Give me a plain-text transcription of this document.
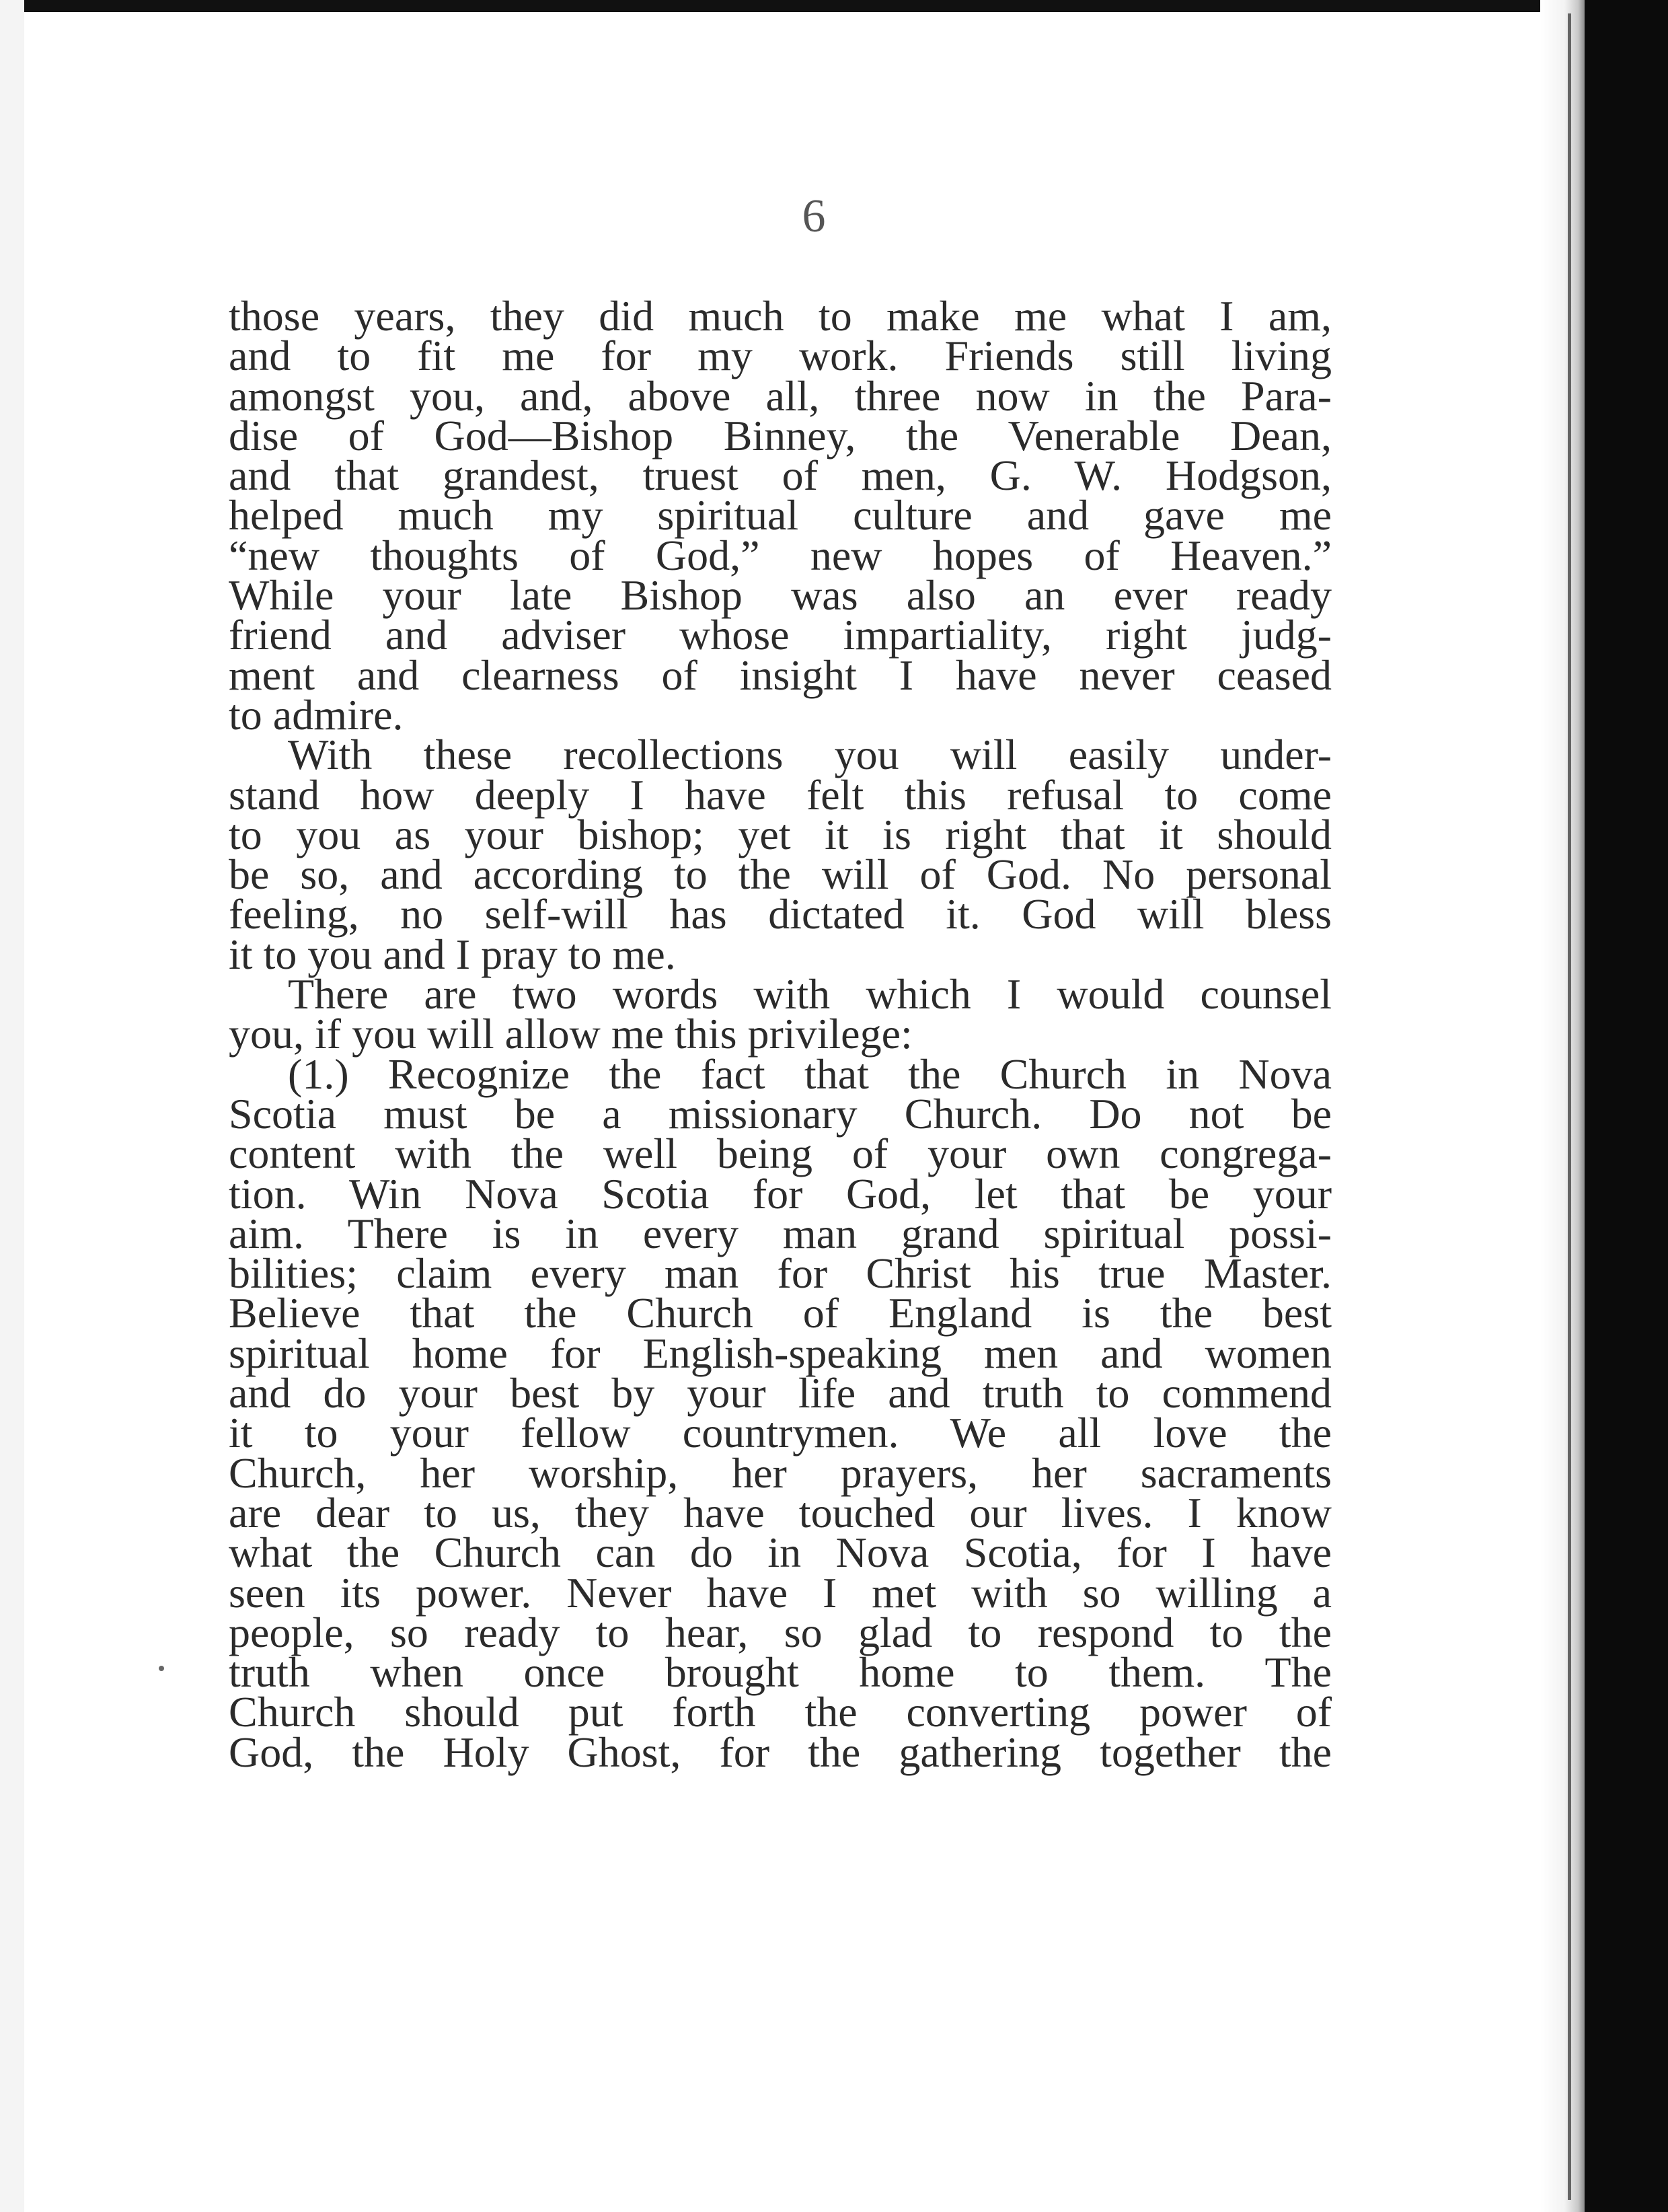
6
those years, they did much to make me what I am,
and to fit me for my work. Friends still living
amongst you, and, above all, three now in the Para-
dise of God—Bishop Binney, the Venerable Dean,
and that grandest, truest of men, G. W. Hodgson,
helped much my spiritual culture and gave me
“new thoughts of God,” new hopes of Heaven.”
While your late Bishop was also an ever ready
friend and adviser whose impartiality, right judg-
ment and clearness of insight I have never ceased
to admire.
With these recollections you will easily under-
stand how deeply I have felt this refusal to come
to you as your bishop; yet it is right that it should
be so, and according to the will of God. No personal
feeling, no self-will has dictated it. God will bless
it to you and I pray to me.
There are two words with which I would counsel
you, if you will allow me this privilege:
(1.) Recognize the fact that the Church in Nova
Scotia must be a missionary Church. Do not be
content with the well being of your own congrega-
tion. Win Nova Scotia for God, let that be your
aim. There is in every man grand spiritual possi-
bilities; claim every man for Christ his true Master.
Believe that the Church of England is the best
spiritual home for English-speaking men and women
and do your best by your life and truth to commend
it to your fellow countrymen. We all love the
Church, her worship, her prayers, her sacraments
are dear to us, they have touched our lives. I know
what the Church can do in Nova Scotia, for I have
seen its power. Never have I met with so willing a
people, so ready to hear, so glad to respond to the
truth when once brought home to them. The
Church should put forth the converting power of
God, the Holy Ghost, for the gathering together the
